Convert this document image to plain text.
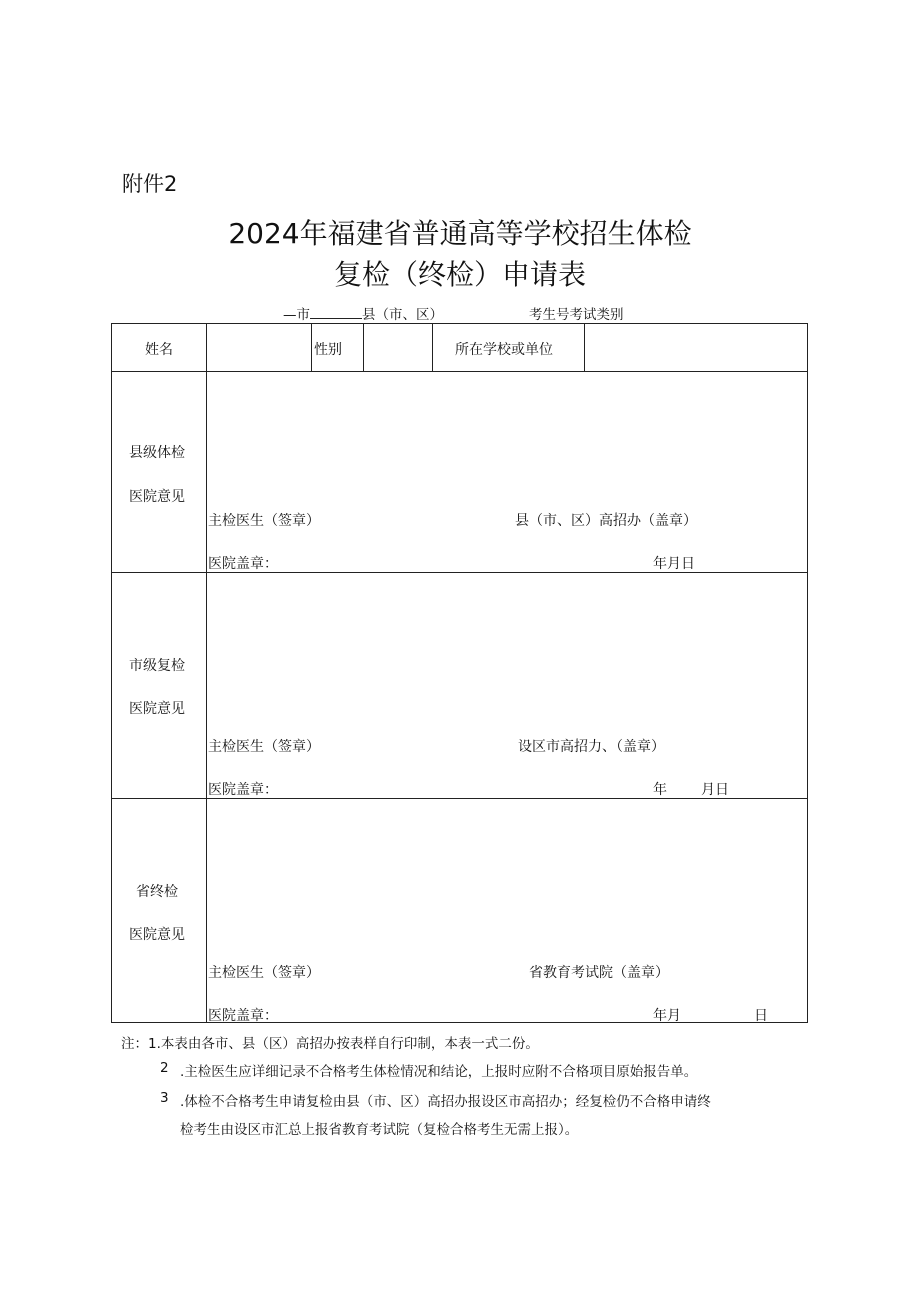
附件2
2024年福建省普通高等学校招生体检
复检（终检）申请表
—市	县（市、区）	考生号考试类别
姓名	性别	所在学校或单位
县级体检
医院意见
主检医生（签章）	县（市、区）高招办（盖章）
医院盖章：	年月日
市级复检
医院意见
主检医生（签章）	设区市高招力、（盖章）
医院盖章：	年 月日
省终检
医院意见
主检医生（签章）	省教育考试院（盖章）
医院盖章：	年月	日
注：1.本表由各市、县（区）高招办按表样自行印制，本表一式二份。
2 .主检医生应详细记录不合格考生体检情况和结论，上报时应附不合格项目原始报告单。
3 .体检不合格考生申请复检由县（市、区）高招办报设区市高招办；经复检仍不合格申请终
检考生由设区市汇总上报省教育考试院（复检合格考生无需上报）。
